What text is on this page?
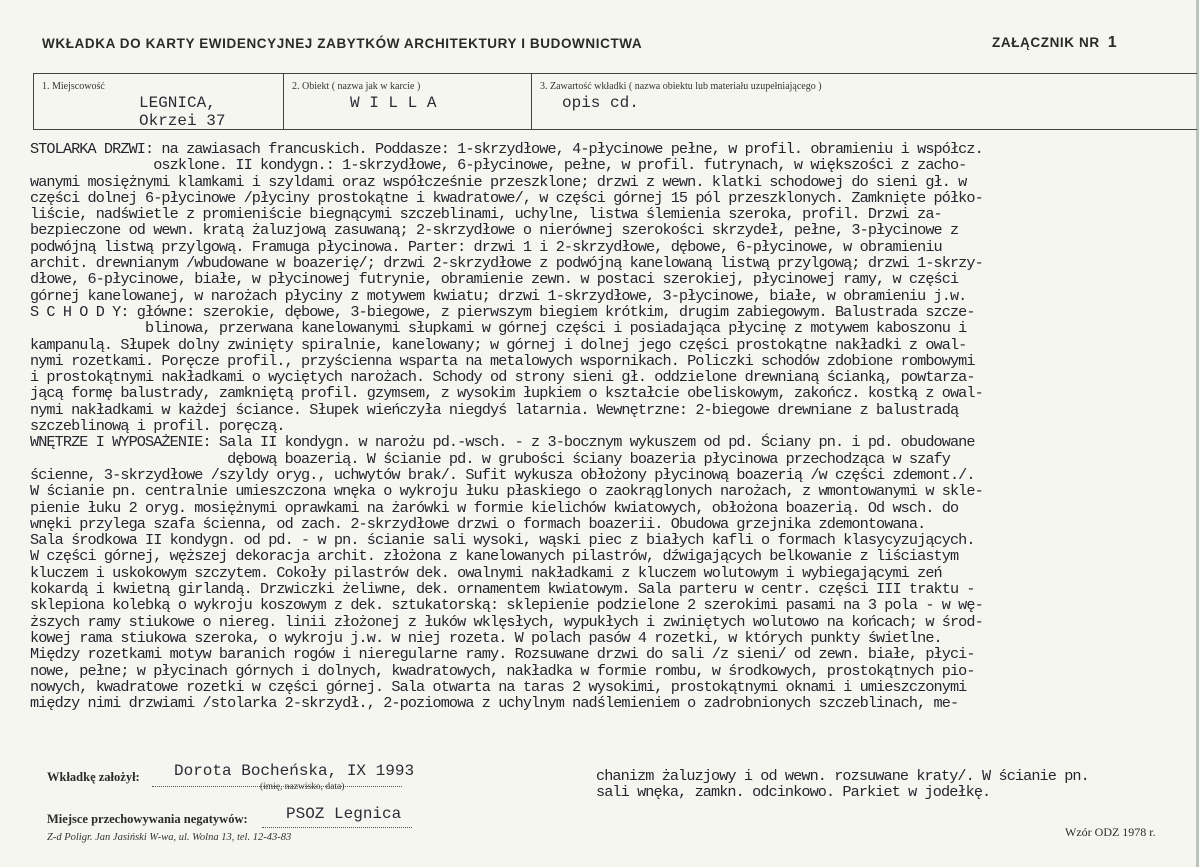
WKŁADKA DO KARTY EWIDENCYJNEJ ZABYTKÓW ARCHITEKTURY I BUDOWNICTWA	ZAŁĄCZNIK NR 1
1. Miejscowość
LEGNICA, Okrzei 37
2. Obiekt ( nazwa jak w karcie )
W I L L A
3. Zawartość wkładki ( nazwa obiektu lub materiału uzupełniającego )
opis cd.
STOLARKA DRZWI: na zawiasach francuskich. Poddasze: 1-skrzydłowe, 4-płycinowe pełne, w profil. obramieniu i współcz.
oszklone. II kondygn.: 1-skrzydłowe, 6-płycinowe, pełne, w profil. futrynach, w większości z zacho-
wanymi mosiężnymi klamkami i szyldami oraz współcześnie przeszklone; drzwi z wewn. klatki schodowej do sieni gł. w
części dolnej 6-płycinowe /płyciny prostokątne i kwadratowe/, w części górnej 15 pól przeszklonych. Zamknięte półko-
liście, nadświetle z promieniście biegnącymi szczeblinami, uchylne, listwa ślemienia szeroka, profil. Drzwi za-
bezpieczone od wewn. kratą żaluzjową zasuwaną; 2-skrzydłowe o nierównej szerokości skrzydeł, pełne, 3-płycinowe z
podwójną listwą przylgową. Framuga płycinowa. Parter: drzwi 1 i 2-skrzydłowe, dębowe, 6-płycinowe, w obramieniu
archit. drewnianym /wbudowane w boazerię/; drzwi 2-skrzydłowe z podwójną kanelowaną listwą przylgową; drzwi 1-skrzy-
dłowe, 6-płycinowe, białe, w płycinowej futrynie, obramienie zewn. w postaci szerokiej, płycinowej ramy, w części
górnej kanelowanej, w narożach płyciny z motywem kwiatu; drzwi 1-skrzydłowe, 3-płycinowe, białe, w obramieniu j.w.
S C H O D Y: główne: szerokie, dębowe, 3-biegowe, z pierwszym biegiem krótkim, drugim zabiegowym. Balustrada szcze-
blinowa, przerwana kanelowanymi słupkami w górnej części i posiadająca płycinę z motywem kaboszonu i
kampanulą. Słupek dolny zwinięty spiralnie, kanelowany; w górnej i dolnej jego części prostokątne nakładki z owal-
nymi rozetkami. Poręcze profil., przyścienna wsparta na metalowych wspornikach. Policzki schodów zdobione rombowymi
i prostokątnymi nakładkami o wyciętych narożach. Schody od strony sieni gł. oddzielone drewnianą ścianką, powtarza-
jącą formę balustrady, zamkniętą profil. gzymsem, z wysokim łupkiem o kształcie obeliskowym, zakończ. kostką z owal-
nymi nakładkami w każdej ściance. Słupek wieńczyła niegdyś latarnia. Wewnętrzne: 2-biegowe drewniane z balustradą
szczeblinową i profil. poręczą.
WNĘTRZE I WYPOSAŻENIE: Sala II kondygn. w narożu pd.-wsch. - z 3-bocznym wykuszem od pd. Ściany pn. i pd. obudowane
dębową boazerią. W ścianie pd. w grubości ściany boazeria płycinowa przechodząca w szafy
ścienne, 3-skrzydłowe /szyldy oryg., uchwytów brak/. Sufit wykusza obłożony płycinową boazerią /w części zdemont./.
W ścianie pn. centralnie umieszczona wnęka o wykroju łuku płaskiego o zaokrąglonych narożach, z wmontowanymi w skle-
pienie łuku 2 oryg. mosiężnymi oprawkami na żarówki w formie kielichów kwiatowych, obłożona boazerią. Od wsch. do
wnęki przylega szafa ścienna, od zach. 2-skrzydłowe drzwi o formach boazerii. Obudowa grzejnika zdemontowana.
Sala środkowa II kondygn. od pd. - w pn. ścianie sali wysoki, wąski piec z białych kafli o formach klasycyzujących.
W części górnej, węższej dekoracja archit. złożona z kanelowanych pilastrów, dźwigających belkowanie z liściastym
kluczem i uskokowym szczytem. Cokoły pilastrów dek. owalnymi nakładkami z kluczem wolutowym i wybiegającymi zeń
kokardą i kwietną girlandą. Drzwiczki żeliwne, dek. ornamentem kwiatowym. Sala parteru w centr. części III traktu -
sklepiona kolebką o wykroju koszowym z dek. sztukatorską: sklepienie podzielone 2 szerokimi pasami na 3 pola - w wę-
ższych ramy stiukowe o niereg. linii złożonej z łuków wklęsłych, wypukłych i zwiniętych wolutowo na końcach; w środ-
kowej rama stiukowa szeroka, o wykroju j.w. w niej rozeta. W polach pasów 4 rozetki, w których punkty świetlne.
Między rozetkami motyw baranich rogów i nieregularne ramy. Rozsuwane drzwi do sali /z sieni/ od zewn. białe, płyci-
nowe, pełne; w płycinach górnych i dolnych, kwadratowych, nakładka w formie rombu, w środkowych, prostokątnych pio-
nowych, kwadratowe rozetki w części górnej. Sala otwarta na taras 2 wysokimi, prostokątnymi oknami i umieszczonymi
między nimi drzwiami /stolarka 2-skrzydł., 2-poziomowa z uchylnym nadślemieniem o zadrobnionych szczeblinach, me-
chanizm żaluzjowy i od wewn. rozsuwane kraty/. W ścianie pn.
sali wnęka, zamkn. odcinkowo. Parkiet w jodełkę.
Wkładkę założył: Dorota Bocheńska, IX 1993
(imię, nazwisko, data)
Miejsce przechowywania negatywów: PSOZ Legnica
Z-d Poligr. Jan Jasiński W-wa, ul. Wolna 13, tel. 12-43-83	Wzór ODZ 1978 r.
